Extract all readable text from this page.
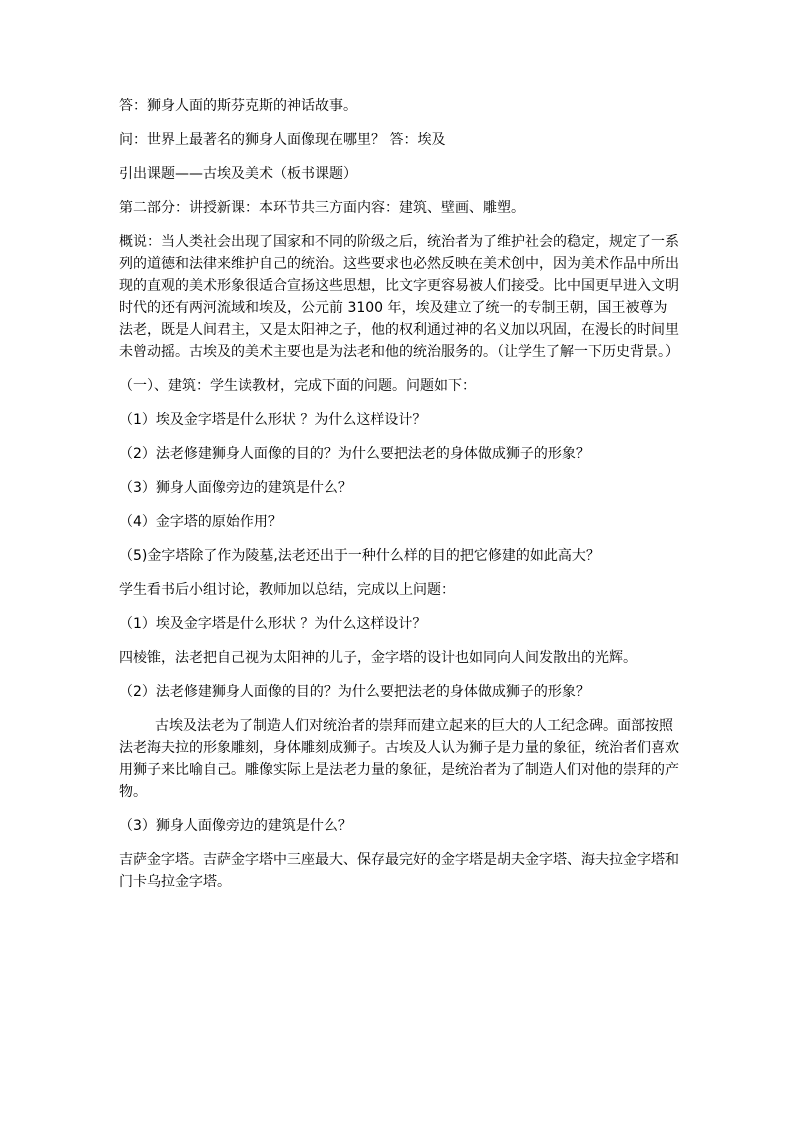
答：狮身人面的斯芬克斯的神话故事。

问：世界上最著名的狮身人面像现在哪里？ 答：埃及

引出课题——古埃及美术（板书课题）

第二部分：讲授新课：本环节共三方面内容：建筑、壁画、雕塑。

概说：当人类社会出现了国家和不同的阶级之后，统治者为了维护社会的稳定，规定了一系列的道德和法律来维护自己的统治。这些要求也必然反映在美术创中，因为美术作品中所出现的直观的美术形象很适合宣扬这些思想，比文字更容易被人们接受。比中国更早进入文明时代的还有两河流域和埃及，公元前 3100 年，埃及建立了统一的专制王朝，国王被尊为法老，既是人间君主，又是太阳神之子，他的权利通过神的名义加以巩固，在漫长的时间里未曾动摇。古埃及的美术主要也是为法老和他的统治服务的。（让学生了解一下历史背景。）

（一）、建筑：学生读教材，完成下面的问题。问题如下：

（1）埃及金字塔是什么形状 ？为什么这样设计？

（2）法老修建狮身人面像的目的？为什么要把法老的身体做成狮子的形象？

（3）狮身人面像旁边的建筑是什么？

（4）金字塔的原始作用？

（5)金字塔除了作为陵墓,法老还出于一种什么样的目的把它修建的如此高大？

学生看书后小组讨论，教师加以总结，完成以上问题：

（1）埃及金字塔是什么形状 ？为什么这样设计？

四棱锥，法老把自己视为太阳神的儿子，金字塔的设计也如同向人间发散出的光辉。

（2）法老修建狮身人面像的目的？为什么要把法老的身体做成狮子的形象？

古埃及法老为了制造人们对统治者的崇拜而建立起来的巨大的人工纪念碑。面部按照法老海夫拉的形象雕刻，身体雕刻成狮子。古埃及人认为狮子是力量的象征，统治者们喜欢用狮子来比喻自己。雕像实际上是法老力量的象征，是统治者为了制造人们对他的崇拜的产物。

（3）狮身人面像旁边的建筑是什么？

吉萨金字塔。吉萨金字塔中三座最大、保存最完好的金字塔是胡夫金字塔、海夫拉金字塔和门卡乌拉金字塔。
